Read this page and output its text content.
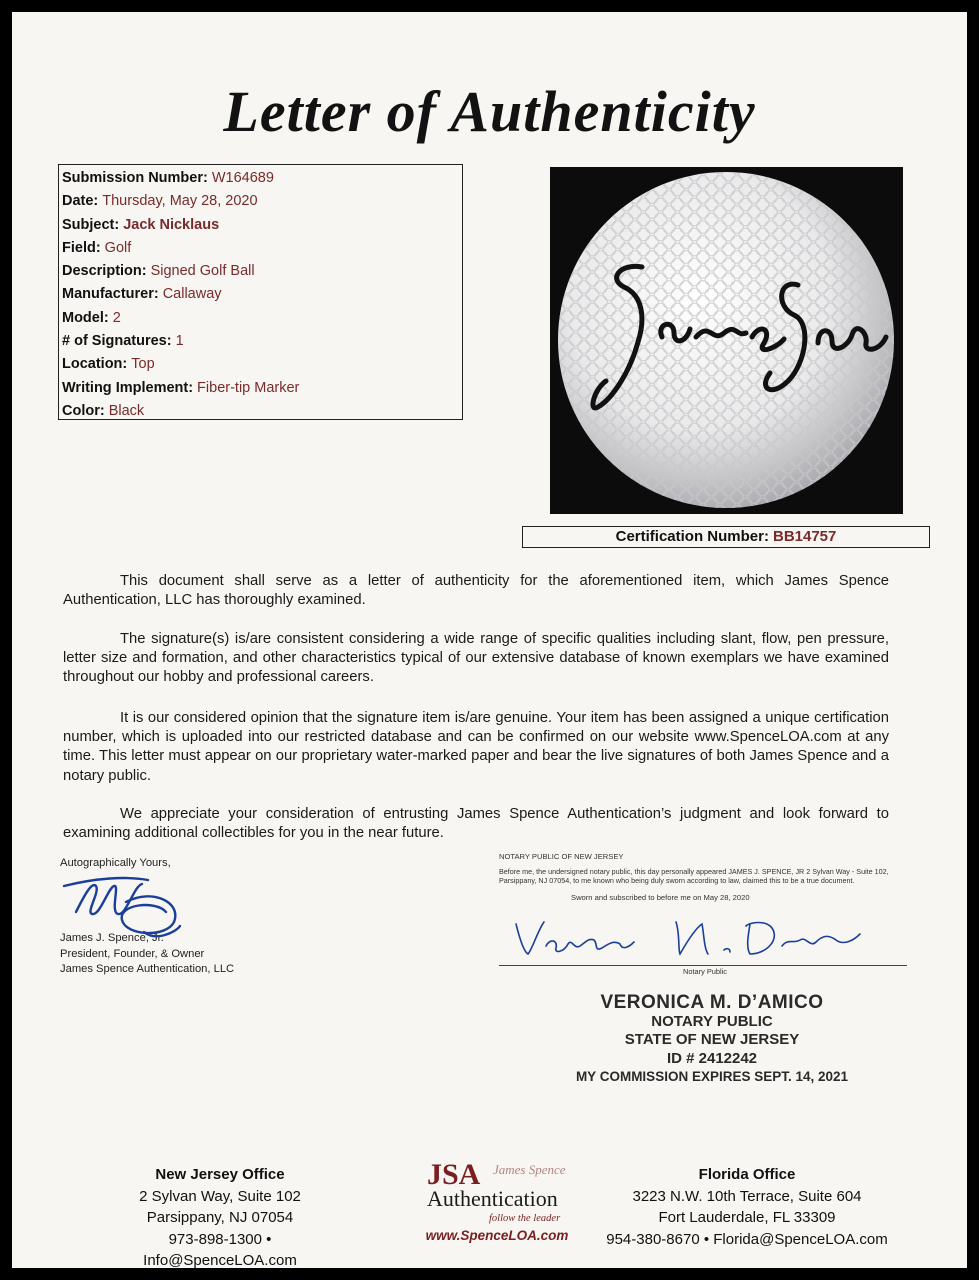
Letter of Authenticity
Submission Number: W164689
Date: Thursday, May 28, 2020
Subject: Jack Nicklaus
Field: Golf
Description: Signed Golf Ball
Manufacturer: Callaway
Model: 2
# of Signatures: 1
Location: Top
Writing Implement: Fiber-tip Marker
Color: Black
Certification Number: BB14757

This document shall serve as a letter of authenticity for the aforementioned item, which James Spence Authentication, LLC has thoroughly examined.

The signature(s) is/are consistent considering a wide range of specific qualities including slant, flow, pen pressure, letter size and formation, and other characteristics typical of our extensive database of known exemplars we have examined throughout our hobby and professional careers.

It is our considered opinion that the signature item is/are genuine. Your item has been assigned a unique certification number, which is uploaded into our restricted database and can be confirmed on our website www.SpenceLOA.com at any time. This letter must appear on our proprietary water-marked paper and bear the live signatures of both James Spence and a notary public.

We appreciate your consideration of entrusting James Spence Authentication’s judgment and look forward to examining additional collectibles for you in the near future.

Autographically Yours,
James J. Spence, Jr.
President, Founder, & Owner
James Spence Authentication, LLC
NOTARY PUBLIC OF NEW JERSEY
Before me, the undersigned notary public, this day personally appeared JAMES J. SPENCE, JR 2 Sylvan Way - Suite 102, Parsippany, NJ 07054, to me known who being duly sworn according to law, claimed this to be a true document.
Sworn and subscribed to before me on May 28, 2020
Notary Public
VERONICA M. D’AMICO
NOTARY PUBLIC
STATE OF NEW JERSEY
ID # 2412242
MY COMMISSION EXPIRES SEPT. 14, 2021
New Jersey Office
2 Sylvan Way, Suite 102
Parsippany, NJ 07054
973-898-1300 • Info@SpenceLOA.com
JSA James Spence
Authentication
follow the leader
www.SpenceLOA.com
Florida Office
3223 N.W. 10th Terrace, Suite 604
Fort Lauderdale, FL 33309
954-380-8670 • Florida@SpenceLOA.com
